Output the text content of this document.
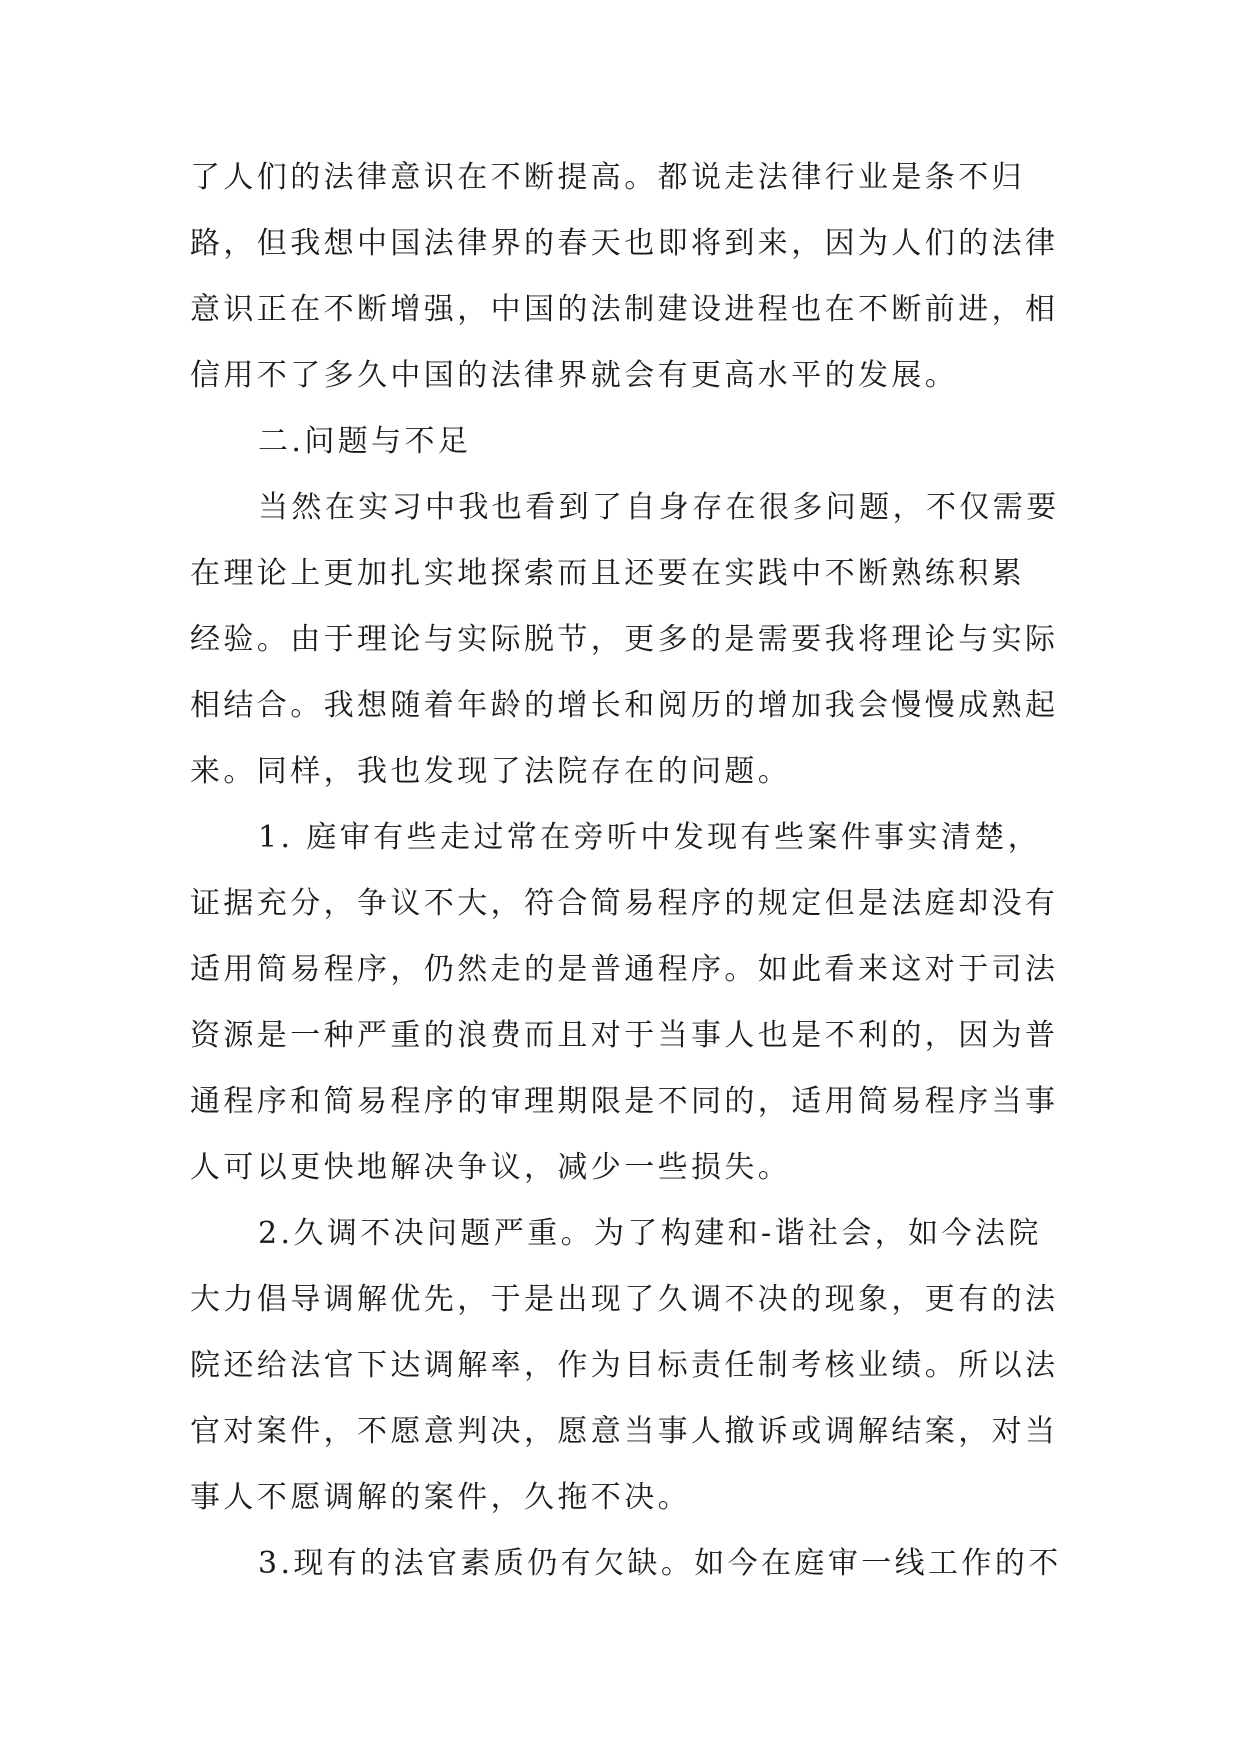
了人们的法律意识在不断提高。都说走法律行业是条不归
路，但我想中国法律界的春天也即将到来，因为人们的法律
意识正在不断增强，中国的法制建设进程也在不断前进，相
信用不了多久中国的法律界就会有更高水平的发展。
二.问题与不足
当然在实习中我也看到了自身存在很多问题，不仅需要
在理论上更加扎实地探索而且还要在实践中不断熟练积累
经验。由于理论与实际脱节，更多的是需要我将理论与实际
相结合。我想随着年龄的增长和阅历的增加我会慢慢成熟起
来。同样，我也发现了法院存在的问题。
1. 庭审有些走过常在旁听中发现有些案件事实清楚，
证据充分，争议不大，符合简易程序的规定但是法庭却没有
适用简易程序，仍然走的是普通程序。如此看来这对于司法
资源是一种严重的浪费而且对于当事人也是不利的，因为普
通程序和简易程序的审理期限是不同的，适用简易程序当事
人可以更快地解决争议，减少一些损失。
2.久调不决问题严重。为了构建和-谐社会，如今法院
大力倡导调解优先，于是出现了久调不决的现象，更有的法
院还给法官下达调解率，作为目标责任制考核业绩。所以法
官对案件，不愿意判决，愿意当事人撤诉或调解结案，对当
事人不愿调解的案件，久拖不决。
3.现有的法官素质仍有欠缺。如今在庭审一线工作的不
